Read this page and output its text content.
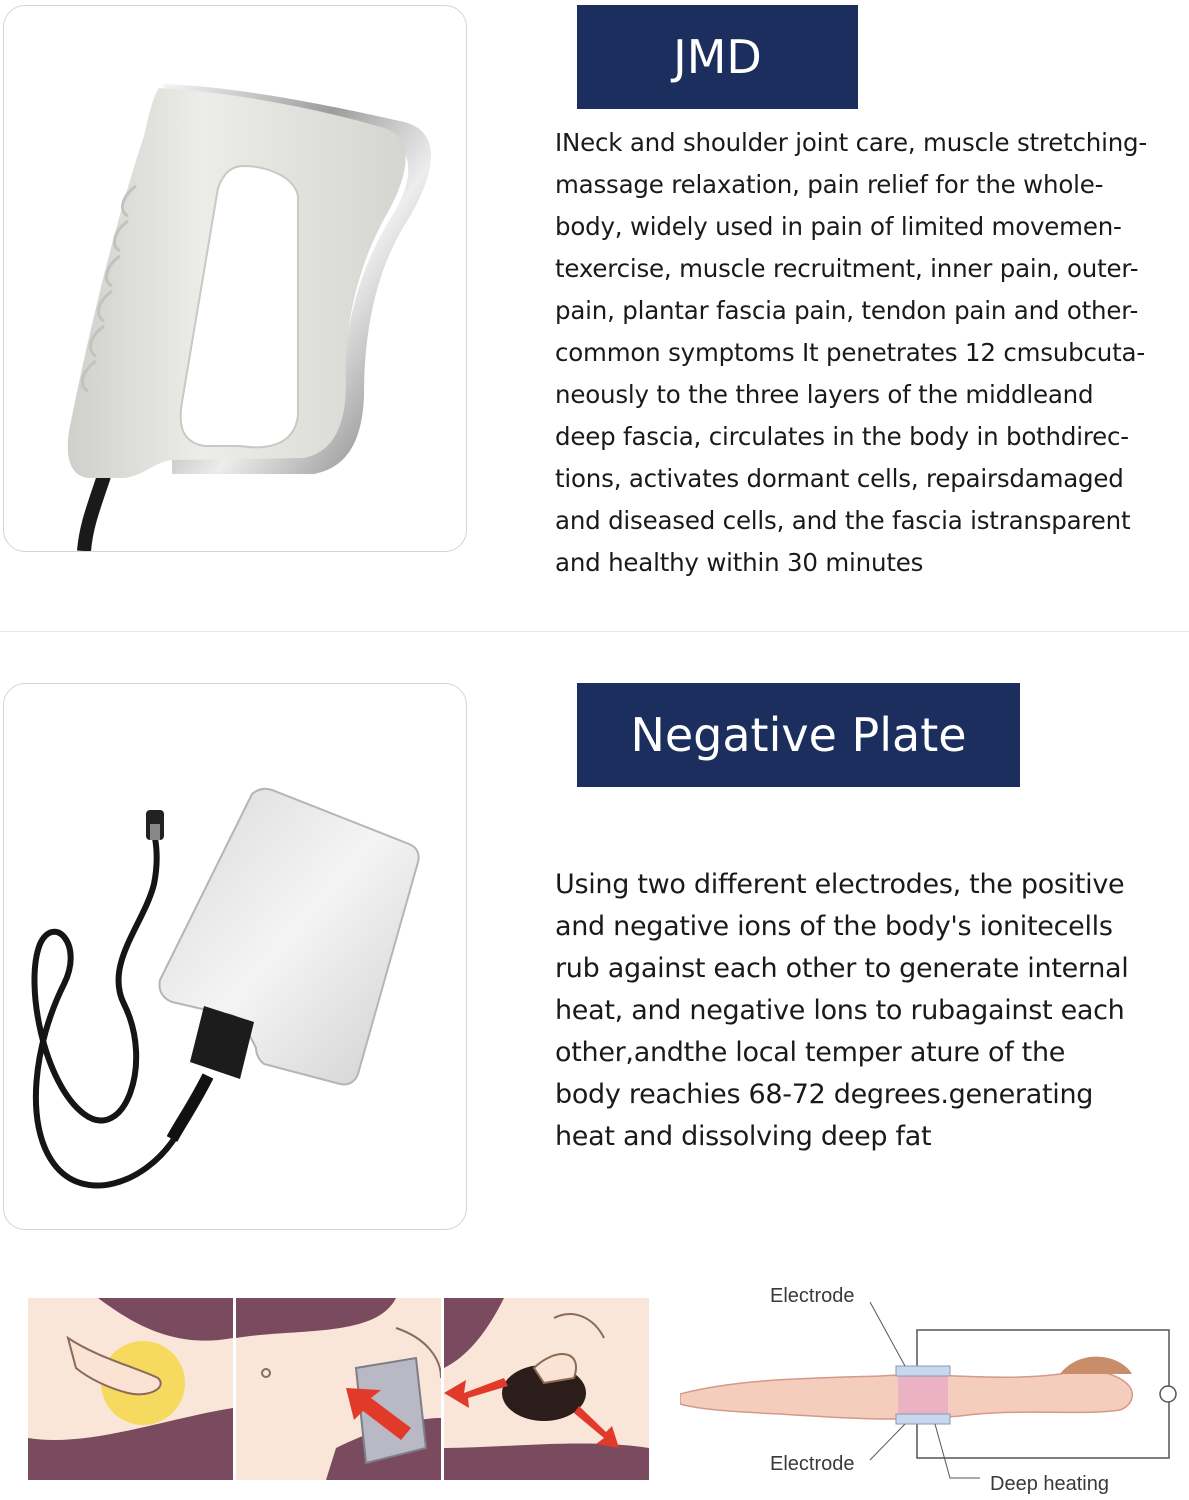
JMD

INeck and shoulder joint care, muscle stretching-
massage relaxation, pain relief for the whole-
body, widely used in pain of limited movemen-
texercise, muscle recruitment, inner pain, outer-
pain, plantar fascia pain, tendon pain and other-
common symptoms It penetrates 12 cmsubcuta-
neously to the three layers of the middleand
deep fascia, circulates in the body in bothdirec-
tions, activates dormant cells, repairsdamaged
and diseased cells, and the fascia istransparent
and healthy within 30 minutes

Negative Plate

Using two different electrodes, the positive
and negative ions of the body's ionitecells
rub against each other to generate internal
heat, and negative lons to rubagainst each
other,andthe local temper ature of the
body reachies 68-72 degrees.generating
heat and dissolving deep fat

Electrode
Electrode
Deep heating
